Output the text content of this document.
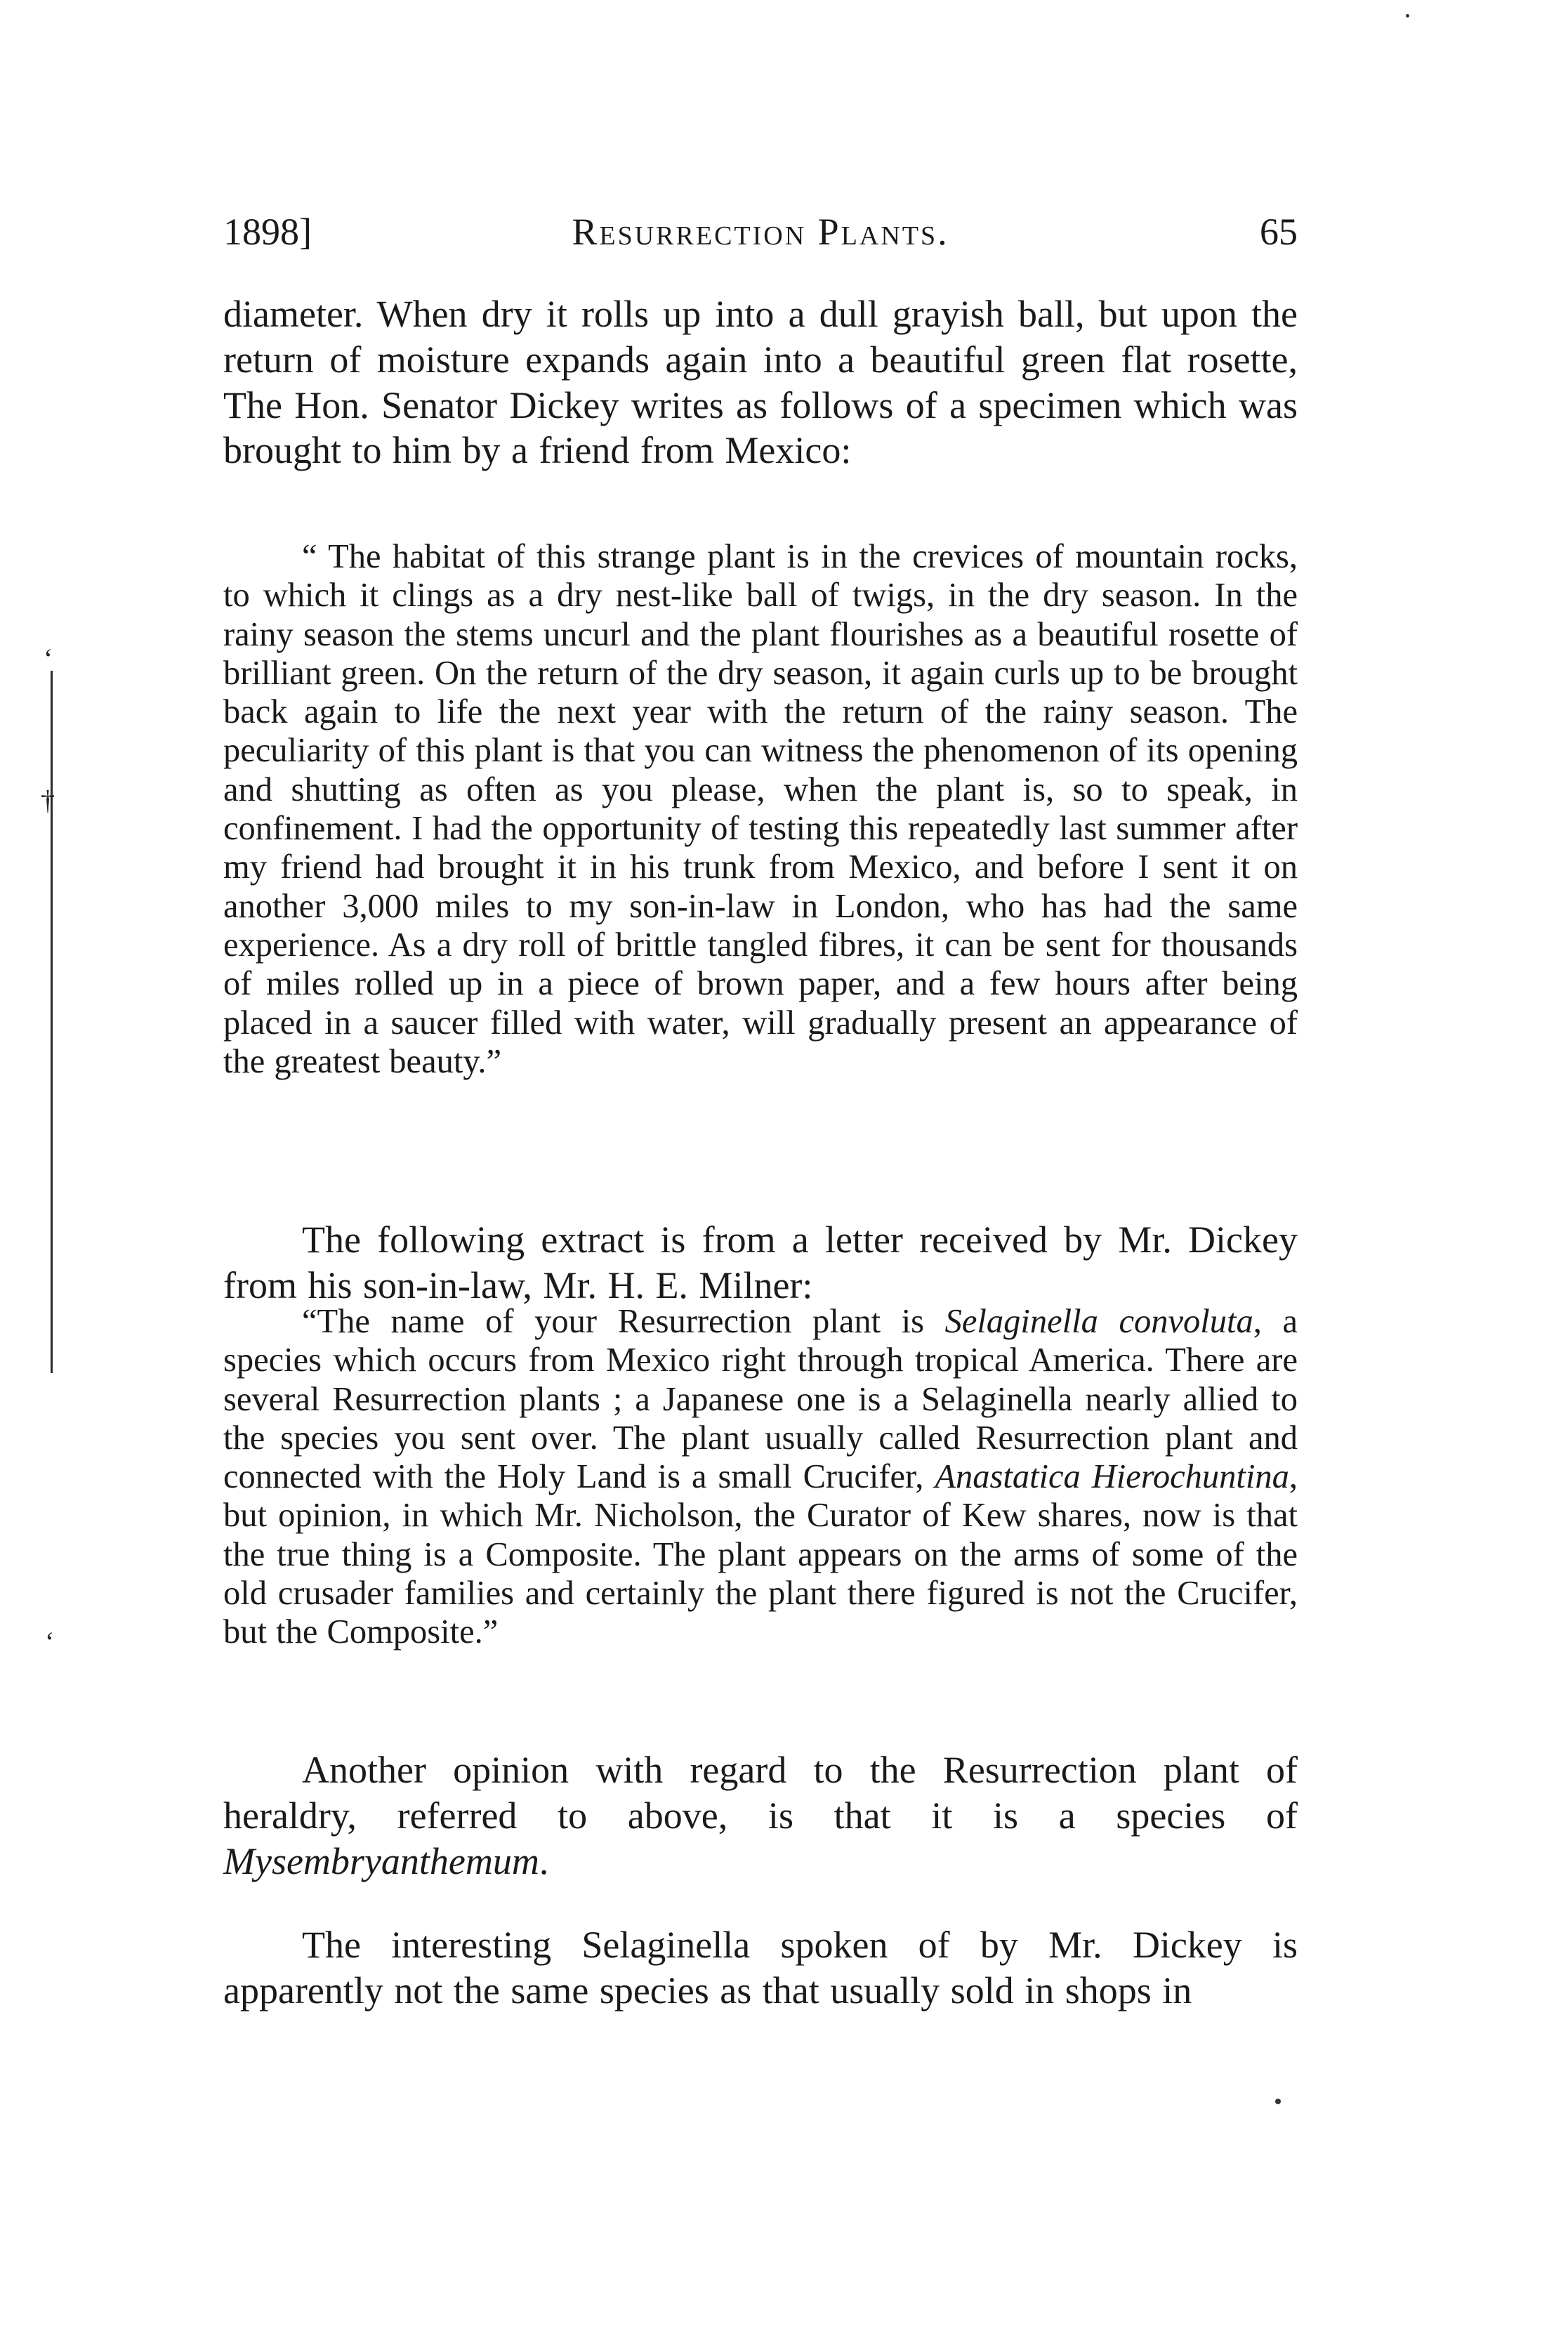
1898]	Resurrection Plants.	65

diameter. When dry it rolls up into a dull grayish ball, but upon the return of moisture expands again into a beautiful green flat rosette, The Hon. Senator Dickey writes as follows of a specimen which was brought to him by a friend from Mexico:

“ The habitat of this strange plant is in the crevices of mountain rocks, to which it clings as a dry nest-like ball of twigs, in the dry season. In the rainy season the stems uncurl and the plant flourishes as a beautiful rosette of brilliant green. On the return of the dry season, it again curls up to be brought back again to life the next year with the return of the rainy season. The peculiarity of this plant is that you can witness the phenomenon of its opening and shutting as often as you please, when the plant is, so to speak, in confinement. I had the opportunity of testing this repeatedly last summer after my friend had brought it in his trunk from Mexico, and before I sent it on another 3,000 miles to my son-in-law in London, who has had the same experience. As a dry roll of brittle tangled fibres, it can be sent for thousands of miles rolled up in a piece of brown paper, and a few hours after being placed in a saucer filled with water, will gradually present an appearance of the greatest beauty.”

The following extract is from a letter received by Mr. Dickey from his son-in-law, Mr. H. E. Milner:

“The name of your Resurrection plant is Selaginella convoluta, a species which occurs from Mexico right through tropical America. There are several Resurrection plants ; a Japanese one is a Selaginella nearly allied to the species you sent over. The plant usually called Resurrection plant and connected with the Holy Land is a small Crucifer, Anastatica Hierochuntina, but opinion, in which Mr. Nicholson, the Curator of Kew shares, now is that the true thing is a Composite. The plant appears on the arms of some of the old crusader families and certainly the plant there figured is not the Crucifer, but the Composite.”

Another opinion with regard to the Resurrection plant of heraldry, referred to above, is that it is a species of Mysembryanthemum.

The interesting Selaginella spoken of by Mr. Dickey is apparently not the same species as that usually sold in shops in

‘
†
‘
